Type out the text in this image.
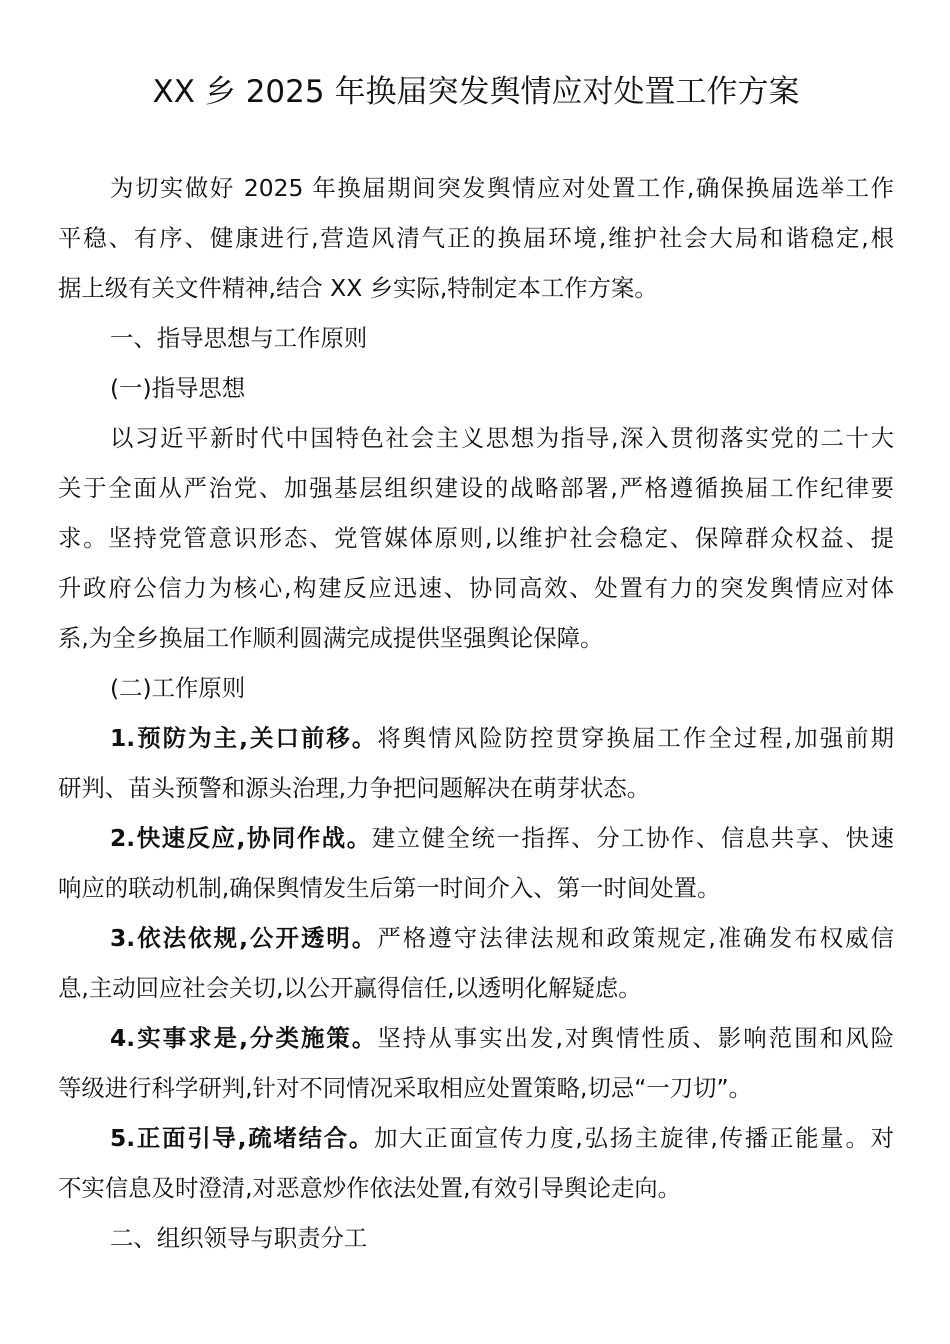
XX 乡 2025 年换届突发舆情应对处置工作方案
为切实做好 2025 年换届期间突发舆情应对处置工作,确保换届选举工作
平稳、有序、健康进行,营造风清气正的换届环境,维护社会大局和谐稳定,根
据上级有关文件精神,结合 XX 乡实际,特制定本工作方案。
一、指导思想与工作原则
(一)指导思想
以习近平新时代中国特色社会主义思想为指导,深入贯彻落实党的二十大
关于全面从严治党、加强基层组织建设的战略部署,严格遵循换届工作纪律要
求。坚持党管意识形态、党管媒体原则,以维护社会稳定、保障群众权益、提
升政府公信力为核心,构建反应迅速、协同高效、处置有力的突发舆情应对体
系,为全乡换届工作顺利圆满完成提供坚强舆论保障。
(二)工作原则
1.预防为主,关口前移。将舆情风险防控贯穿换届工作全过程,加强前期
研判、苗头预警和源头治理,力争把问题解决在萌芽状态。
2.快速反应,协同作战。建立健全统一指挥、分工协作、信息共享、快速
响应的联动机制,确保舆情发生后第一时间介入、第一时间处置。
3.依法依规,公开透明。严格遵守法律法规和政策规定,准确发布权威信
息,主动回应社会关切,以公开赢得信任,以透明化解疑虑。
4.实事求是,分类施策。坚持从事实出发,对舆情性质、影响范围和风险
等级进行科学研判,针对不同情况采取相应处置策略,切忌“一刀切”。
5.正面引导,疏堵结合。加大正面宣传力度,弘扬主旋律,传播正能量。对
不实信息及时澄清,对恶意炒作依法处置,有效引导舆论走向。
二、组织领导与职责分工
